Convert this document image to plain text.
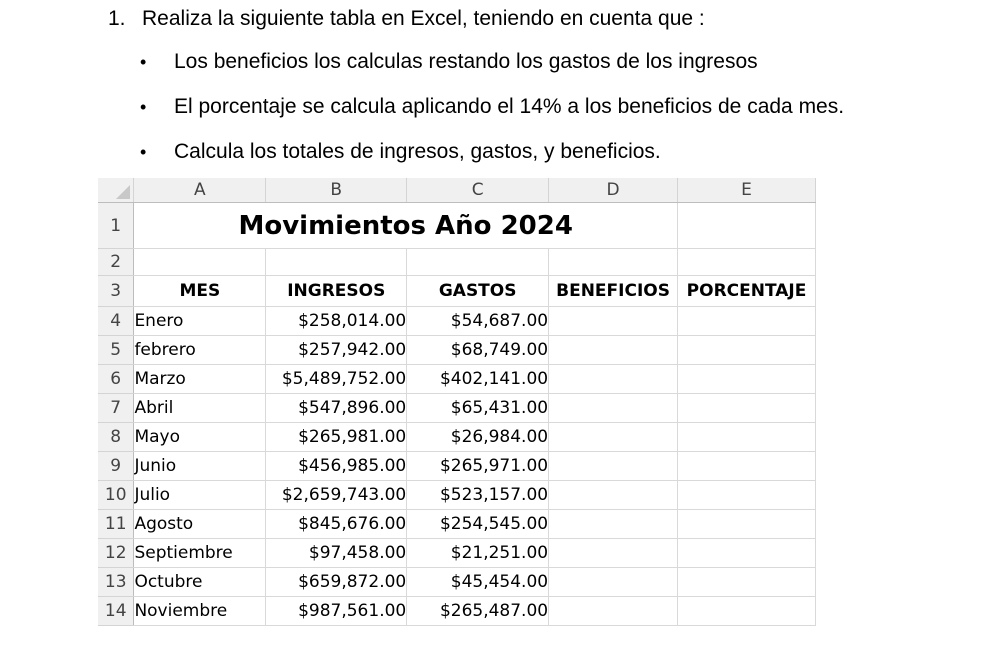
1. Realiza la siguiente tabla en Excel, teniendo en cuenta que :
• Los beneficios los calculas restando los gastos de los ingresos
• El porcentaje se calcula aplicando el 14% a los beneficios de cada mes.
• Calcula los totales de ingresos, gastos, y beneficios.
	A	B	C	D	E
1	Movimientos Año 2024				
2					
3	MES	INGRESOS	GASTOS	BENEFICIOS	PORCENTAJE
4	Enero	$258,014.00	$54,687.00		
5	febrero	$257,942.00	$68,749.00		
6	Marzo	$5,489,752.00	$402,141.00		
7	Abril	$547,896.00	$65,431.00		
8	Mayo	$265,981.00	$26,984.00		
9	Junio	$456,985.00	$265,971.00		
10	Julio	$2,659,743.00	$523,157.00		
11	Agosto	$845,676.00	$254,545.00		
12	Septiembre	$97,458.00	$21,251.00		
13	Octubre	$659,872.00	$45,454.00		
14	Noviembre	$987,561.00	$265,487.00		
